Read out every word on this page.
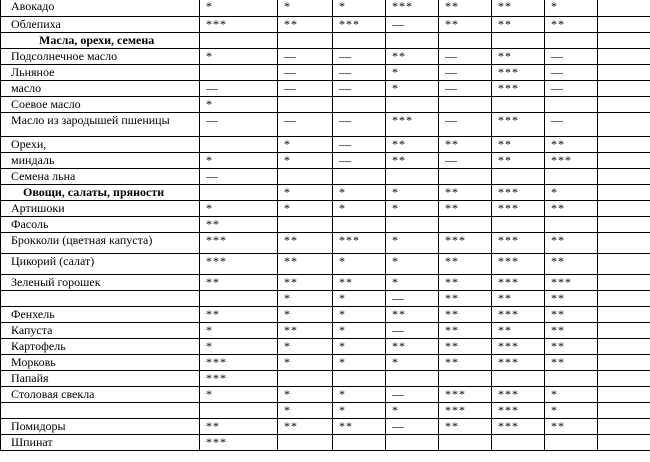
Авокадо	*	*	*	***	**	**	*	
Облепиха	***	**	***	—	**	**	**	
Масла, орехи, семена								
Подсолнечное масло	*	—	—	**	—	**	—	
Льняное		—	—	*	—	***	—	
масло	—	—	—	*	—	***	—	
Соевое масло	*							
Масло из зародышей пшеницы	—	—	—	***	—	***	—	
Орехи,		*	—	**	**	**	**	
миндаль	*	*	—	**	—	**	***	
Семена льна	—							
Овощи, салаты, пряности		*	*	*	**	***	*	
Артишоки	*	*	*	*	**	***	**	
Фасоль	**							
Брокколи (цветная капуста)	***	**	***	*	***	***	**	
Цикорий (салат)	***	**	*	*	**	***	**	
Зеленый горошек	**	**	**	*	**	***	***	
		*	*	—	**	**	**	
Фенхель	**	*	*	**	**	***	**	
Капуста	*	**	*	—	**	**	**	
Картофель	*	*	*	**	**	***	**	
Морковь	***	*	*	*	**	***	**	
Папайя	***							
Столовая свекла	*	*	*	—	***	***	*	
		*	*	*	***	***	*	
Помидоры	**	**	**	—	**	***	**	
Шпинат	***							
